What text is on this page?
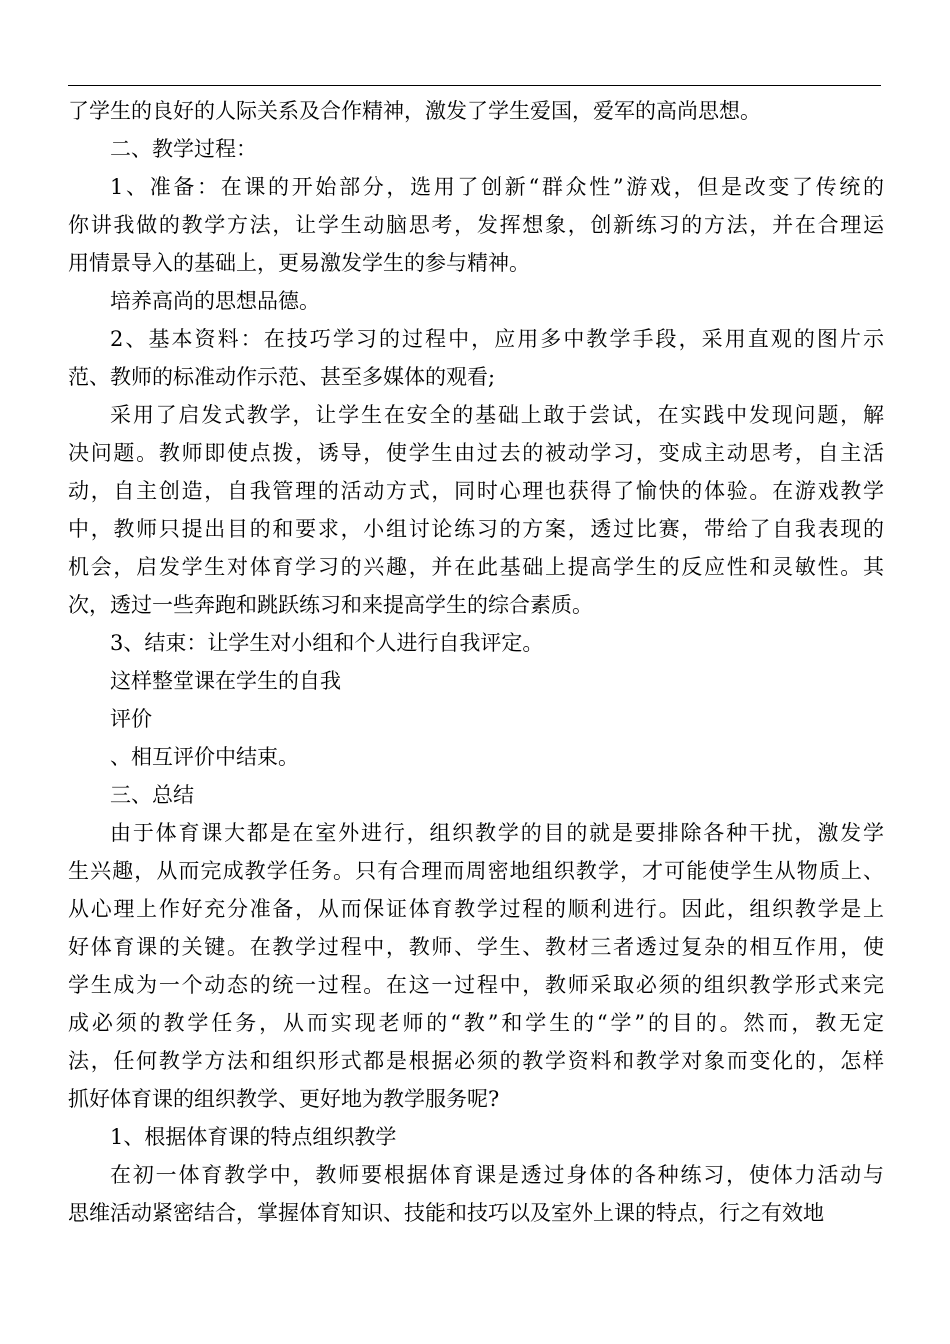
了学生的良好的人际关系及合作精神，激发了学生爱国，爱军的高尚思想。
二、教学过程：
1、准备：在课的开始部分，选用了创新“群众性”游戏，但是改变了传统的
你讲我做的教学方法，让学生动脑思考，发挥想象，创新练习的方法，并在合理运
用情景导入的基础上，更易激发学生的参与精神。
培养高尚的思想品德。
2、基本资料：在技巧学习的过程中，应用多中教学手段，采用直观的图片示
范、教师的标准动作示范、甚至多媒体的观看;
采用了启发式教学，让学生在安全的基础上敢于尝试，在实践中发现问题，解
决问题。教师即使点拨，诱导，使学生由过去的被动学习，变成主动思考，自主活
动，自主创造，自我管理的活动方式，同时心理也获得了愉快的体验。在游戏教学
中，教师只提出目的和要求，小组讨论练习的方案，透过比赛，带给了自我表现的
机会，启发学生对体育学习的兴趣，并在此基础上提高学生的反应性和灵敏性。其
次，透过一些奔跑和跳跃练习和来提高学生的综合素质。
3、结束：让学生对小组和个人进行自我评定。
这样整堂课在学生的自我
评价
、相互评价中结束。
三、总结
由于体育课大都是在室外进行，组织教学的目的就是要排除各种干扰，激发学
生兴趣，从而完成教学任务。只有合理而周密地组织教学，才可能使学生从物质上、
从心理上作好充分准备，从而保证体育教学过程的顺利进行。因此，组织教学是上
好体育课的关键。在教学过程中，教师、学生、教材三者透过复杂的相互作用，使
学生成为一个动态的统一过程。在这一过程中，教师采取必须的组织教学形式来完
成必须的教学任务，从而实现老师的“教”和学生的“学”的目的。然而，教无定
法，任何教学方法和组织形式都是根据必须的教学资料和教学对象而变化的，怎样
抓好体育课的组织教学、更好地为教学服务呢?
1、根据体育课的特点组织教学
在初一体育教学中，教师要根据体育课是透过身体的各种练习，使体力活动与
思维活动紧密结合，掌握体育知识、技能和技巧以及室外上课的特点，行之有效地
